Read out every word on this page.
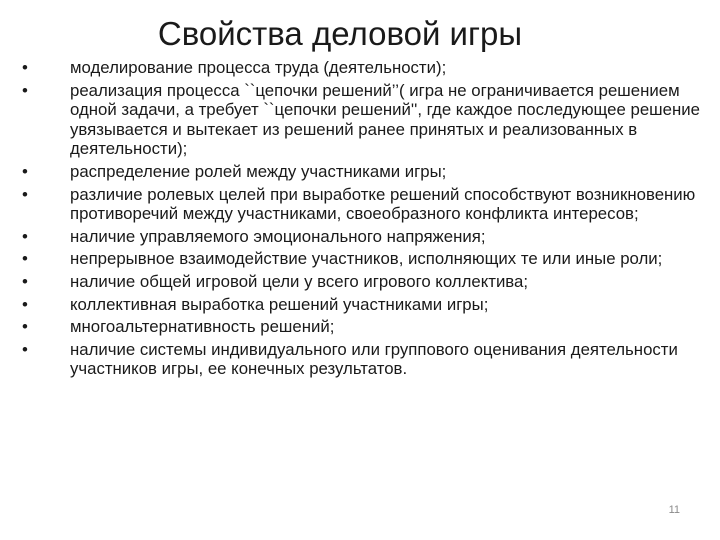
Свойства деловой игры
•	моделирование процесса труда (деятельности);
•	реализация процесса ``цепочки решений’’( игра не ограничивается решением одной задачи, а требует ``цепочки решений'', где каждое последующее решение увязывается и вытекает из решений ранее принятых и реализованных в деятельности);
•	распределение ролей между участниками игры;
•	различие ролевых целей при выработке решений способствуют возникновению противоречий между участниками, своеобразного конфликта интересов;
•	наличие управляемого эмоционального напряжения;
•	непрерывное взаимодействие участников, исполняющих те или иные роли;
•	наличие общей игровой цели у всего игрового коллектива;
•	коллективная выработка решений участниками игры;
•	многоальтернативность решений;
•	наличие системы индивидуального или группового оценивания деятельности участников игры, ее конечных результатов.
11
